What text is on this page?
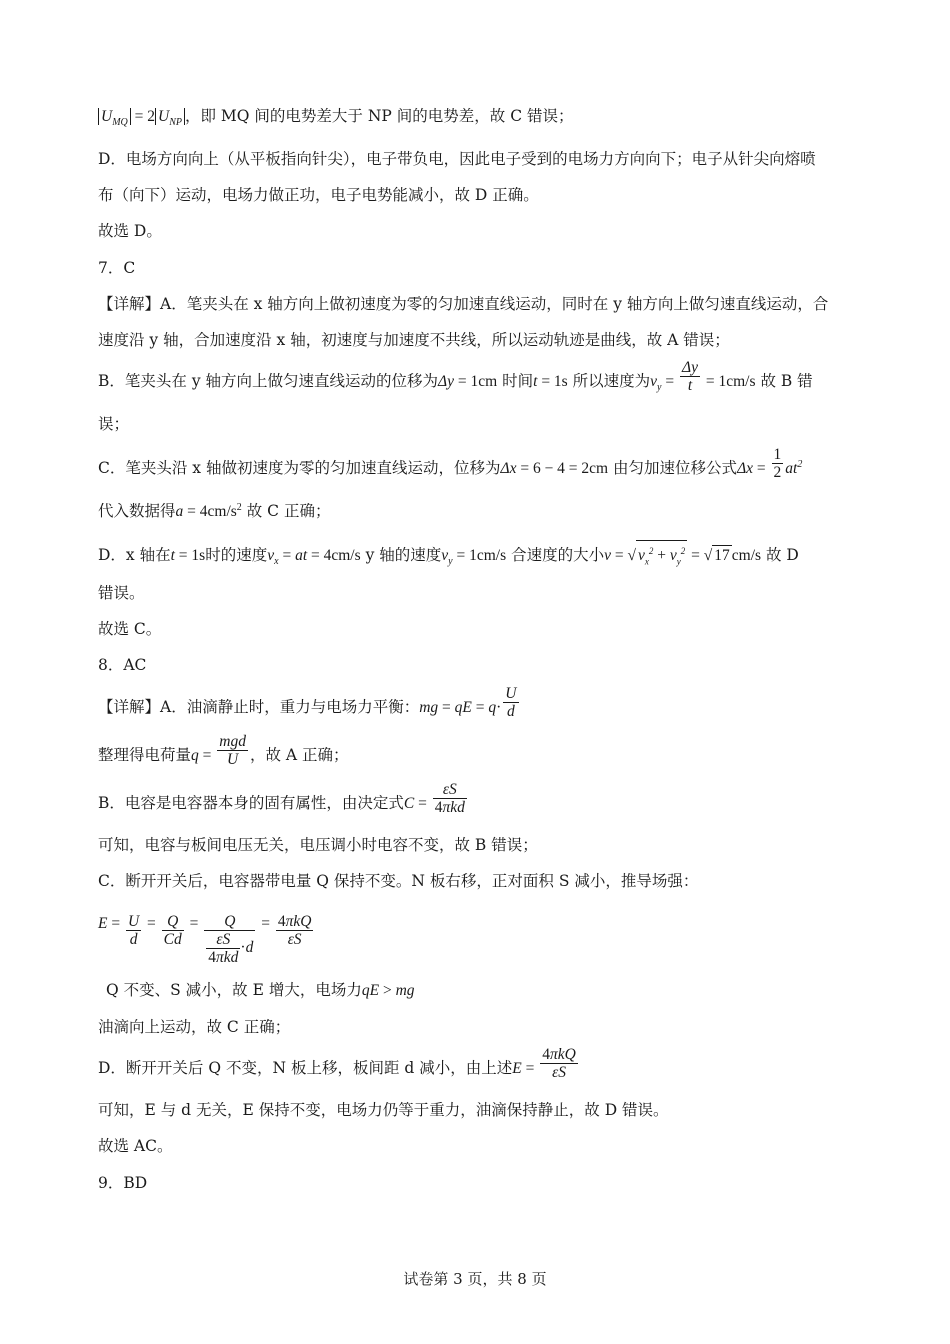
$U_{MQ} = 2$ $U_{NP}$ ，即 MQ 间的电势差大于 NP 间的电势差，故 C 错误；
D．电场方向向上（从平板指向针尖），电子带负电，因此电子受到的电场力方向向下；电子从针尖向熔喷
布（向下）运动，电场力做正功，电子电势能减小，故 D 正确。
故选 D。
7．C
【详解】A．笔夹头在 x 轴方向上做初速度为零的匀加速直线运动，同时在 y 轴方向上做匀速直线运动，合
速度沿 y 轴，合加速度沿 x 轴，初速度与加速度不共线，所以运动轨迹是曲线，故 A 错误；
B．笔夹头在 y 轴方向上做匀速直线运动的位移为Δy = 1cm 时间t = 1s 所以速度为$v_y = \frac{\Delta y}{t} = 1cm/s$ 故 B 错
误；
C．笔夹头沿 x 轴做初速度为零的匀加速直线运动，位移为Δx = 6 − 4 = 2cm 由匀加速位移公式$\Delta x = \frac{1}{2} at^2$
代入数据得$a = 4cm/s^2$ 故 C 正确；
D．x 轴在t = 1s时的速度$v_x$ = at = 4cm/s y 轴的速度$v_y = 1cm/s$ 合速度的大小v = √ $v_x^2 + v_y^2$ = √ 17 cm/s 故 D
错误。
故选 C。
8．AC
【详解】A．油滴静止时，重力与电场力平衡：mg = qE = $q\cdot \frac{U}{d}$
整理得电荷量$q = \frac{\text{mgd}}{U}$ ，故 A 正确；
B．电容是电容器本身的固有属性，由决定式$C = \frac{\varepsilon S}{\text{4πkd}}$
可知，电容与板间电压无关，电压调小时电容不变，故 B 错误；
C．断开开关后，电容器带电量 Q 保持不变。N 板右移，正对面积 S 减小，推导场强：
$E = \frac{U}{d} = \frac{Q}{Cd} = \frac{Q}{\frac{\varepsilon S}{\text{4πkd}} \cdot d} = \frac{\text{4πkQ}}{\varepsilon S}$
Q 不变、S 减小，故 E 增大，电场力qE > mg
油滴向上运动，故 C 正确；
D．断开开关后 Q 不变，N 板上移，板间距 d 减小，由上述$E = \frac{\text{4πkQ}}{\varepsilon S}$
可知，E 与 d 无关，E 保持不变，电场力仍等于重力，油滴保持静止，故 D 错误。
故选 AC。
9．BD
试卷第 3 页，共 8 页
